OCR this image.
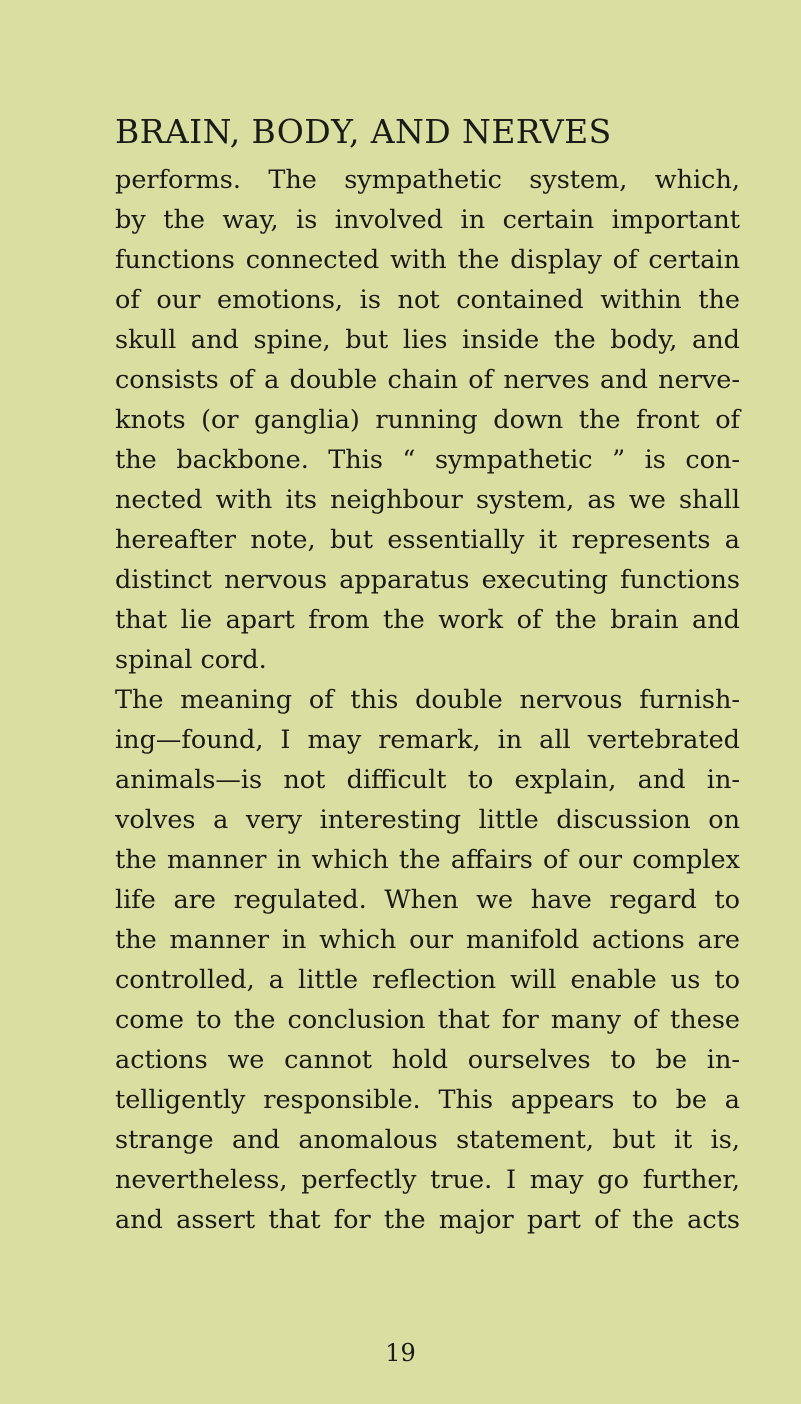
BRAIN, BODY, AND NERVES
performs. The sympathetic system, which,
by the way, is involved in certain important
functions connected with the display of certain
of our emotions, is not contained within the
skull and spine, but lies inside the body, and
consists of a double chain of nerves and nerve-
knots (or ganglia) running down the front of
the backbone. This “ sympathetic ” is con-
nected with its neighbour system, as we shall
hereafter note, but essentially it represents a
distinct nervous apparatus executing functions
that lie apart from the work of the brain and
spinal cord.
The meaning of this double nervous furnish-
ing—found, I may remark, in all vertebrated
animals—is not difficult to explain, and in-
volves a very interesting little discussion on
the manner in which the affairs of our complex
life are regulated. When we have regard to
the manner in which our manifold actions are
controlled, a little reflection will enable us to
come to the conclusion that for many of these
actions we cannot hold ourselves to be in-
telligently responsible. This appears to be a
strange and anomalous statement, but it is,
nevertheless, perfectly true. I may go further,
and assert that for the major part of the acts
19
